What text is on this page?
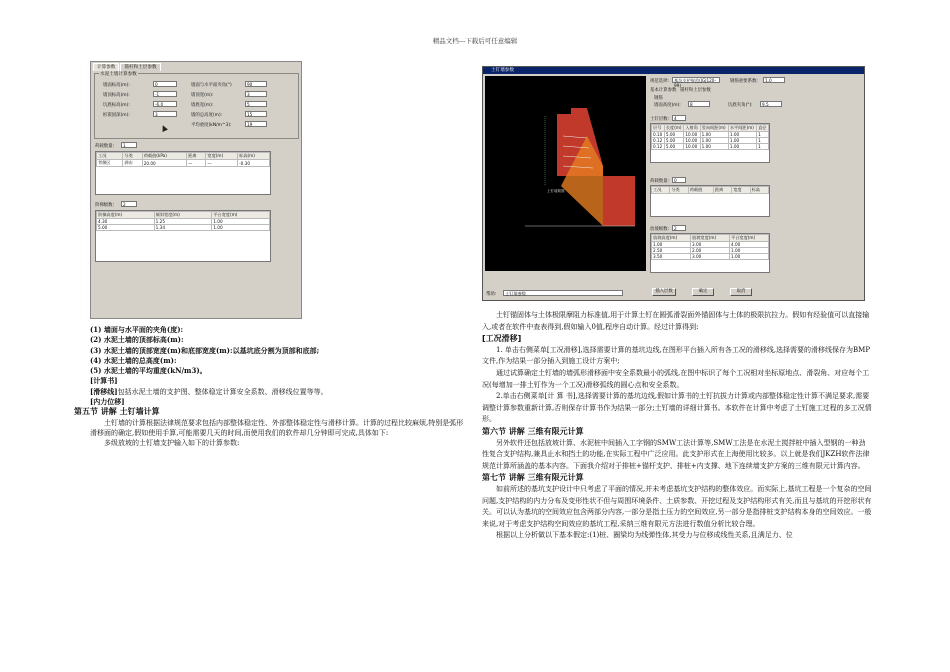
精品文档---下载后可任意编辑
计算参数 锚杆和土层参数
水泥土墙计算参数
墙面标高(m):	0
墙顶标高(m):	-1
坑底标高(m):	-6.0
桩嵌固深(m):	3
墙面与水平面夹角(°)	90
墙顶宽(m):	3
墙底宽(m):	5
墙的总高度(m):	15
平均重度(kN/m^3):	19
荷载数量:	1
工况	分类	荷载值(kPa)	距离	宽度(m)	标高(m)
背侧区	满布	20.00	—	—	-0.30
阶梯级数:	2
阶梯高度(m)	倾斜宽度(m)	平台宽度(m)
4.30	1.25	1.00
5.00	1.34	1.00

(1) 墙面与水平面的夹角(度):

(2) 水泥土墙的顶部标高(m):

(3) 水泥土墙的顶部宽度(m)和底部宽度(m):以基坑底分割为顶部和底部;

(4) 水泥土墙的总高度(m):

(5) 水泥土墙的平均重度(kN/m3)。

[计算书]

[滑移线]包括水泥土墙的支护图、整体稳定计算安全系数、滑移线位置等等。

[内力位移]

第五节 讲解 土钉墙计算

土钉墙的计算根据法律规范要求包括内部整体稳定性、外部整体稳定性与滑移计算。计算的过程比较麻烦,特别是弧形滑移面的确定,假如使用手算,可能需要几天的时间,而使用我们的软件却几分钟即可完成,具体如下:

多级放坡的土钉墙支护输入如下的计算参数:

土钉墙参数
土钉墙简图
规范选择:	基坑支护规范(JGJ120-99)
钢筋重要系数:	1.0
基本计算参数 锚杆和土层参数
钢筋
墙面高度(m):	8	坑底夹角(°):	9.5
土钉层数:	4
层号	长度(m)	入射角	竖向间距(m)	水平间距(m)	直径
0.10	5.00	10.00	1.00	1.00	1
0.12	5.00	10.00	1.00	1.00	1
0.12	5.00	10.00	1.00	1.00	1
荷载数量:	0
工况	分类	荷载值	距离	宽度	标高
放坡级数:	2
放坡高度(m)	放坡宽度(m)	平台宽度(m)
1.00	3.00	4.00
2.50	2.00	1.00
3.50	3.00	1.00
插入层数	确定	取消
帮助:	土钉墙参数

土钉锚固体与土体极限摩阻力标准值,用于计算土钉在圆弧滑裂面外锚固体与土体的极限抗拉力。假如有经验值可以直接输入,或者在软件中查表得到,假如输入0值,程序自动计算。经过计算得到:

[工况滑移]

1. 单击右侧菜单[工况滑移],选择需要计算的基坑边线,在图形平台插入所有各工况的滑移线,选择需要的滑移线保存为BMP文件,作为结果一部分插入到施工设计方案中;

通过试算确定土钉墙的墙弧形滑移面中安全系数最小的弧线,在图中标识了每个工况相对坐标原地点、滑裂角、对应每个工况(每增加一排土钉作为一个工况)滑移弧线的圆心点和安全系数。

2.单击右侧菜单[计 算 书],选择需要计算的基坑边线,假如计算书的土钉抗拔力计算或内部整体稳定性计算不满足要求,需要调整计算参数重新计算,否则保存计算书作为结果一部分;土钉墙的详细计算书。本软件在计算中考虑了土钉施工过程的多工况情形。

第六节 讲解 三维有限元计算

另外软件还包括放坡计算、水泥桩中间插入工字钢的SMW工法计算等,SMW工法是在水泥土搅拌桩中插入型钢的一种劲性复合支护结构,兼具止水和挡土的功能,在实际工程中广泛应用。此支护形式在上海使用比较多。以上就是我们JKZH软件法律规范计算所涵盖的基本内容。下面我介绍对于排桩+锚杆支护、排桩+内支撑、地下连续墙支护方案的三维有限元计算内容。

第七节 讲解 三维有限元计算

如前所述的基坑支护设计中只考虑了平面的情况,并未考虑基坑支护结构的整体效应。而实际上,基坑工程是一个复杂的空间问题,支护结构的内力分布及变形性状不但与周围环境条件、土质参数、开挖过程及支护结构形式有关,而且与基坑的开挖形状有关。可以认为基坑的空间效应包含两部分内容,一部分是指土压力的空间效应,另一部分是指排桩支护结构本身的空间效应。一般来说,对于考虑支护结构空间效应的基坑工程,采纳三维有限元方法进行数值分析比较合理。

根据以上分析做以下基本假定:(1)桩、圈梁均为线弹性体,其受力与位移成线性关系,且满足力、位
